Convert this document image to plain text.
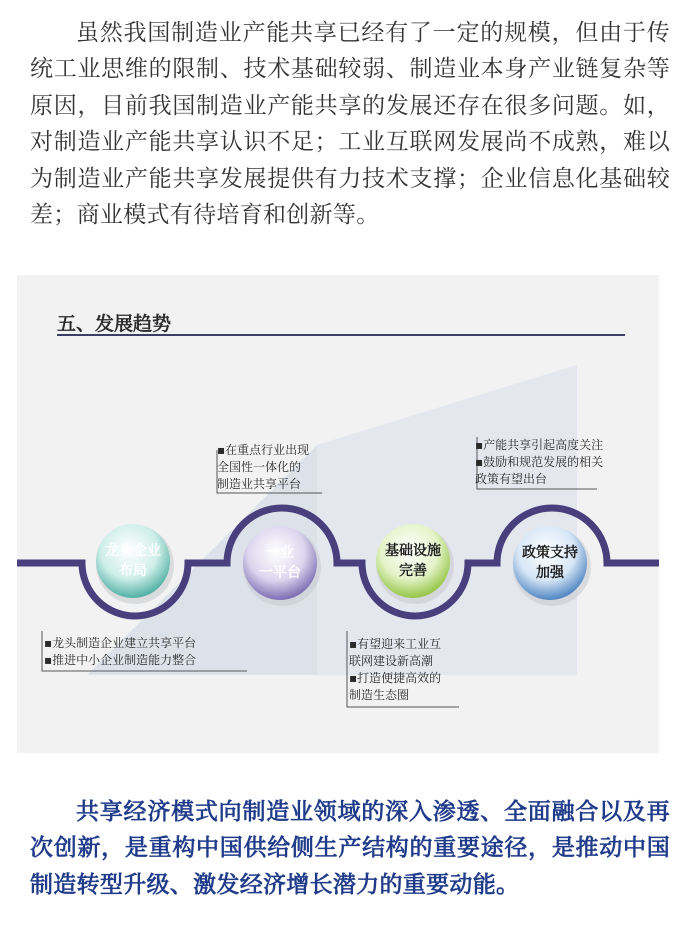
虽然我国制造业产能共享已经有了一定的规模，但由于传统工业思维的限制、技术基础较弱、制造业本身产业链复杂等原因，目前我国制造业产能共享的发展还存在很多问题。如，对制造业产能共享认识不足；工业互联网发展尚不成熟，难以为制造业产能共享发展提供有力技术支撑；企业信息化基础较差；商业模式有待培育和创新等。
五、发展趋势
龙头企业
布局
一业
一平台
基础设施
完善
政策支持
加强
▪在重点行业出现
全国性一体化的
制造业共享平台
▪产能共享引起高度关注
▪鼓励和规范发展的相关
政策有望出台
▪龙头制造企业建立共享平台
▪推进中小企业制造能力整合
▪有望迎来工业互
联网建设新高潮
▪打造便捷高效的
制造生态圈
共享经济模式向制造业领域的深入渗透、全面融合以及再次创新，是重构中国供给侧生产结构的重要途径，是推动中国制造转型升级、激发经济增长潜力的重要动能。
